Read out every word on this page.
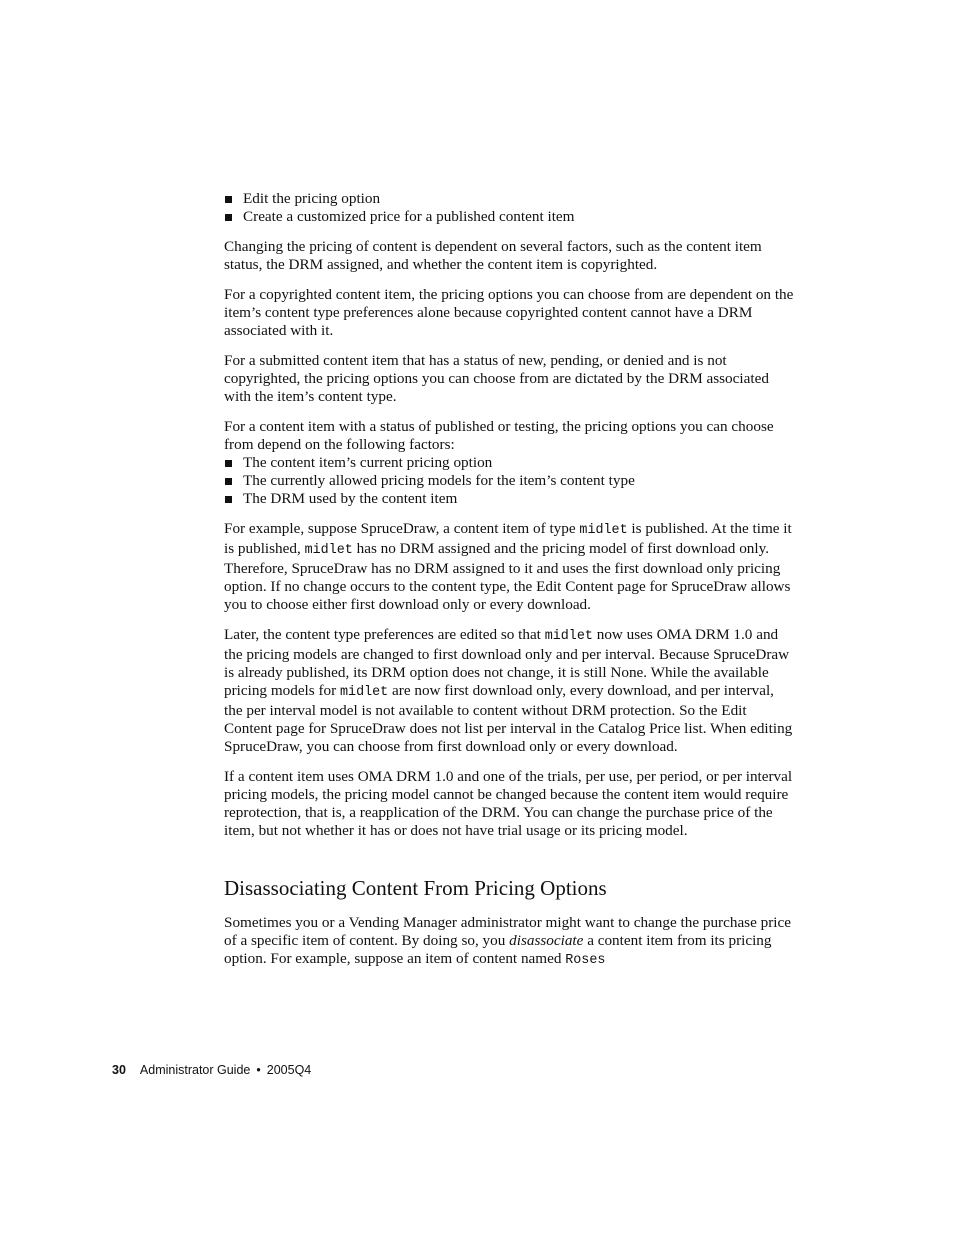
Edit the pricing option
Create a customized price for a published content item

Changing the pricing of content is dependent on several factors, such as the content item status, the DRM assigned, and whether the content item is copyrighted.

For a copyrighted content item, the pricing options you can choose from are dependent on the item’s content type preferences alone because copyrighted content cannot have a DRM associated with it.

For a submitted content item that has a status of new, pending, or denied and is not copyrighted, the pricing options you can choose from are dictated by the DRM associated with the item’s content type.

For a content item with a status of published or testing, the pricing options you can choose from depend on the following factors:

The content item’s current pricing option
The currently allowed pricing models for the item’s content type
The DRM used by the content item

For example, suppose SpruceDraw, a content item of type midlet is published. At the time it is published, midlet has no DRM assigned and the pricing model of first download only. Therefore, SpruceDraw has no DRM assigned to it and uses the first download only pricing option. If no change occurs to the content type, the Edit Content page for SpruceDraw allows you to choose either first download only or every download.

Later, the content type preferences are edited so that midlet now uses OMA DRM 1.0 and the pricing models are changed to first download only and per interval. Because SpruceDraw is already published, its DRM option does not change, it is still None. While the available pricing models for midlet are now first download only, every download, and per interval, the per interval model is not available to content without DRM protection. So the Edit Content page for SpruceDraw does not list per interval in the Catalog Price list. When editing SpruceDraw, you can choose from first download only or every download.

If a content item uses OMA DRM 1.0 and one of the trials, per use, per period, or per interval pricing models, the pricing model cannot be changed because the content item would require reprotection, that is, a reapplication of the DRM. You can change the purchase price of the item, but not whether it has or does not have trial usage or its pricing model.

Disassociating Content From Pricing Options

Sometimes you or a Vending Manager administrator might want to change the purchase price of a specific item of content. By doing so, you disassociate a content item from its pricing option. For example, suppose an item of content named Roses

30 Administrator Guide • 2005Q4
